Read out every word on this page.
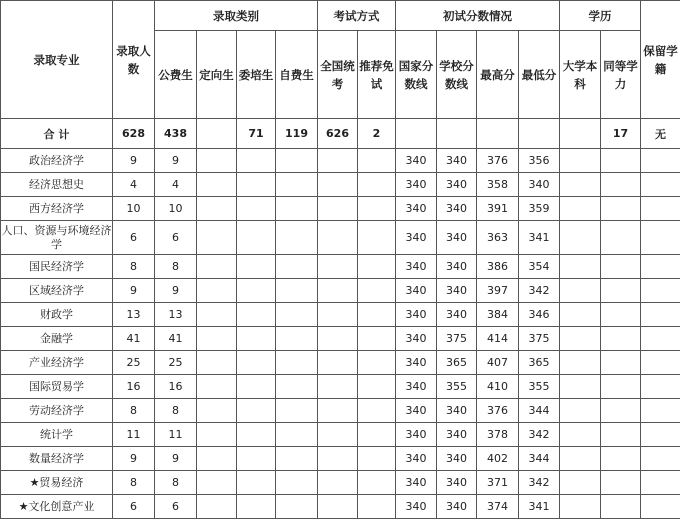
录取专业	录取人数	录取类别				考试方式		初试分数情况				学历		保留学籍
		公费生	定向生	委培生	自费生	全国统考	推荐免试	国家分数线	学校分数线	最高分	最低分	大学本科	同等学力	
合 计	628	438		71	119	626	2						17	无
政治经济学	9	9						340	340	376	356			
经济思想史	4	4						340	340	358	340			
西方经济学	10	10						340	340	391	359			
人口、资源与环境经济学	6	6						340	340	363	341			
国民经济学	8	8						340	340	386	354			
区域经济学	9	9						340	340	397	342			
财政学	13	13						340	340	384	346			
金融学	41	41						340	375	414	375			
产业经济学	25	25						340	365	407	365			
国际贸易学	16	16						340	355	410	355			
劳动经济学	8	8						340	340	376	344			
统计学	11	11						340	340	378	342			
数量经济学	9	9						340	340	402	344			
★贸易经济	8	8						340	340	371	342			
★文化创意产业	6	6						340	340	374	341			
